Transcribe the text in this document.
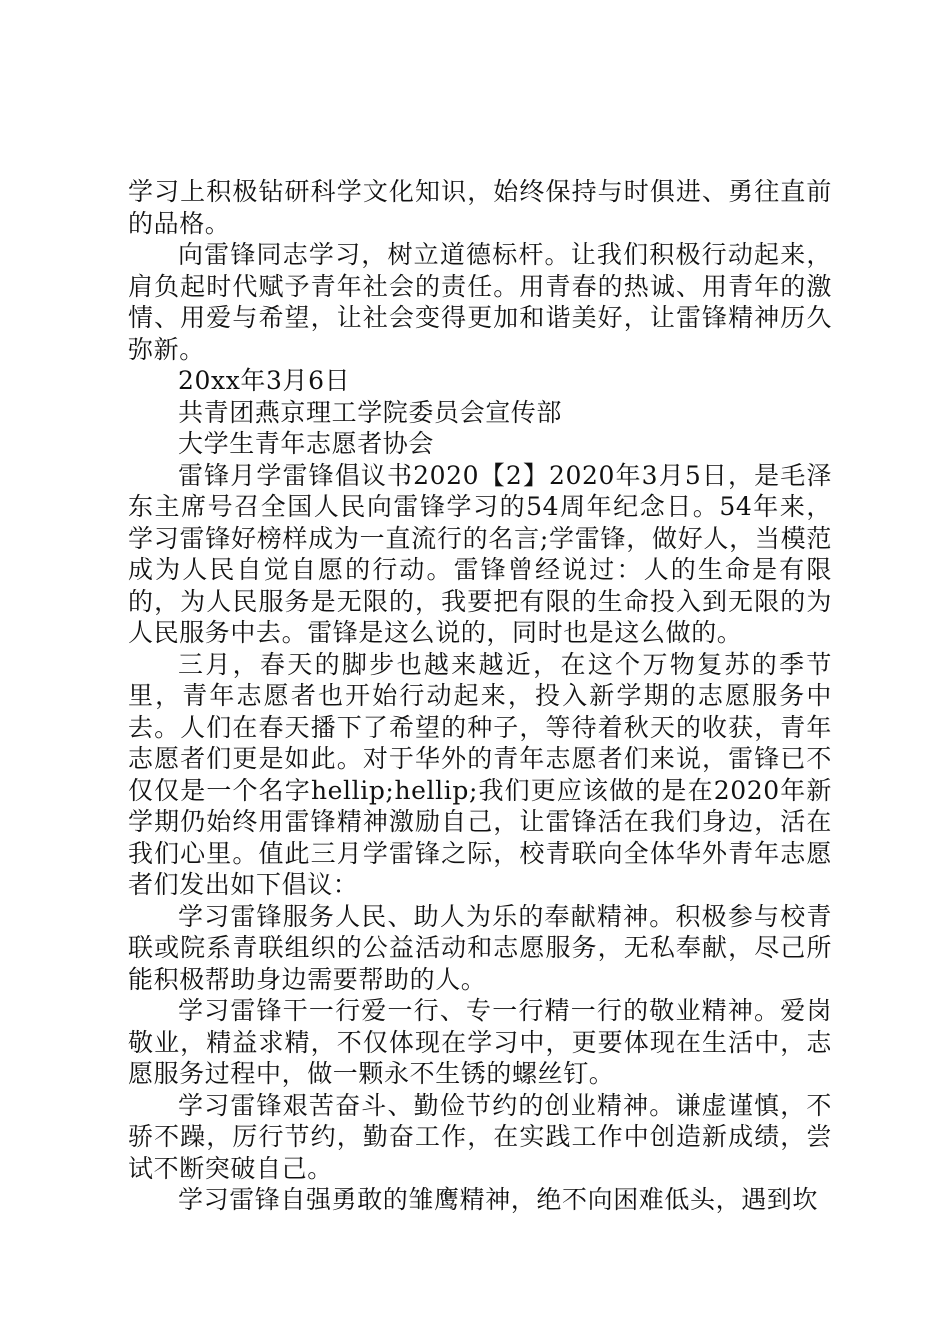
学习上积极钻研科学文化知识，始终保持与时俱进、勇往直前的品格。

向雷锋同志学习，树立道德标杆。让我们积极行动起来，肩负起时代赋予青年社会的责任。用青春的热诚、用青年的激情、用爱与希望，让社会变得更加和谐美好，让雷锋精神历久弥新。

20xx年3月6日

共青团燕京理工学院委员会宣传部

大学生青年志愿者协会

雷锋月学雷锋倡议书2020【2】2020年3月5日，是毛泽东主席号召全国人民向雷锋学习的54周年纪念日。54年来，学习雷锋好榜样成为一直流行的名言;学雷锋，做好人，当模范成为人民自觉自愿的行动。雷锋曾经说过：人的生命是有限的，为人民服务是无限的，我要把有限的生命投入到无限的为人民服务中去。雷锋是这么说的，同时也是这么做的。

三月，春天的脚步也越来越近，在这个万物复苏的季节里，青年志愿者也开始行动起来，投入新学期的志愿服务中去。人们在春天播下了希望的种子，等待着秋天的收获，青年志愿者们更是如此。对于华外的青年志愿者们来说，雷锋已不仅仅是一个名字hellip;hellip;我们更应该做的是在2020年新学期仍始终用雷锋精神激励自己，让雷锋活在我们身边，活在我们心里。值此三月学雷锋之际，校青联向全体华外青年志愿者们发出如下倡议：

学习雷锋服务人民、助人为乐的奉献精神。积极参与校青联或院系青联组织的公益活动和志愿服务，无私奉献，尽己所能积极帮助身边需要帮助的人。

学习雷锋干一行爱一行、专一行精一行的敬业精神。爱岗敬业，精益求精，不仅体现在学习中，更要体现在生活中，志愿服务过程中，做一颗永不生锈的螺丝钉。

学习雷锋艰苦奋斗、勤俭节约的创业精神。谦虚谨慎，不骄不躁，厉行节约，勤奋工作，在实践工作中创造新成绩，尝试不断突破自己。

学习雷锋自强勇敢的雏鹰精神，绝不向困难低头，遇到坎
